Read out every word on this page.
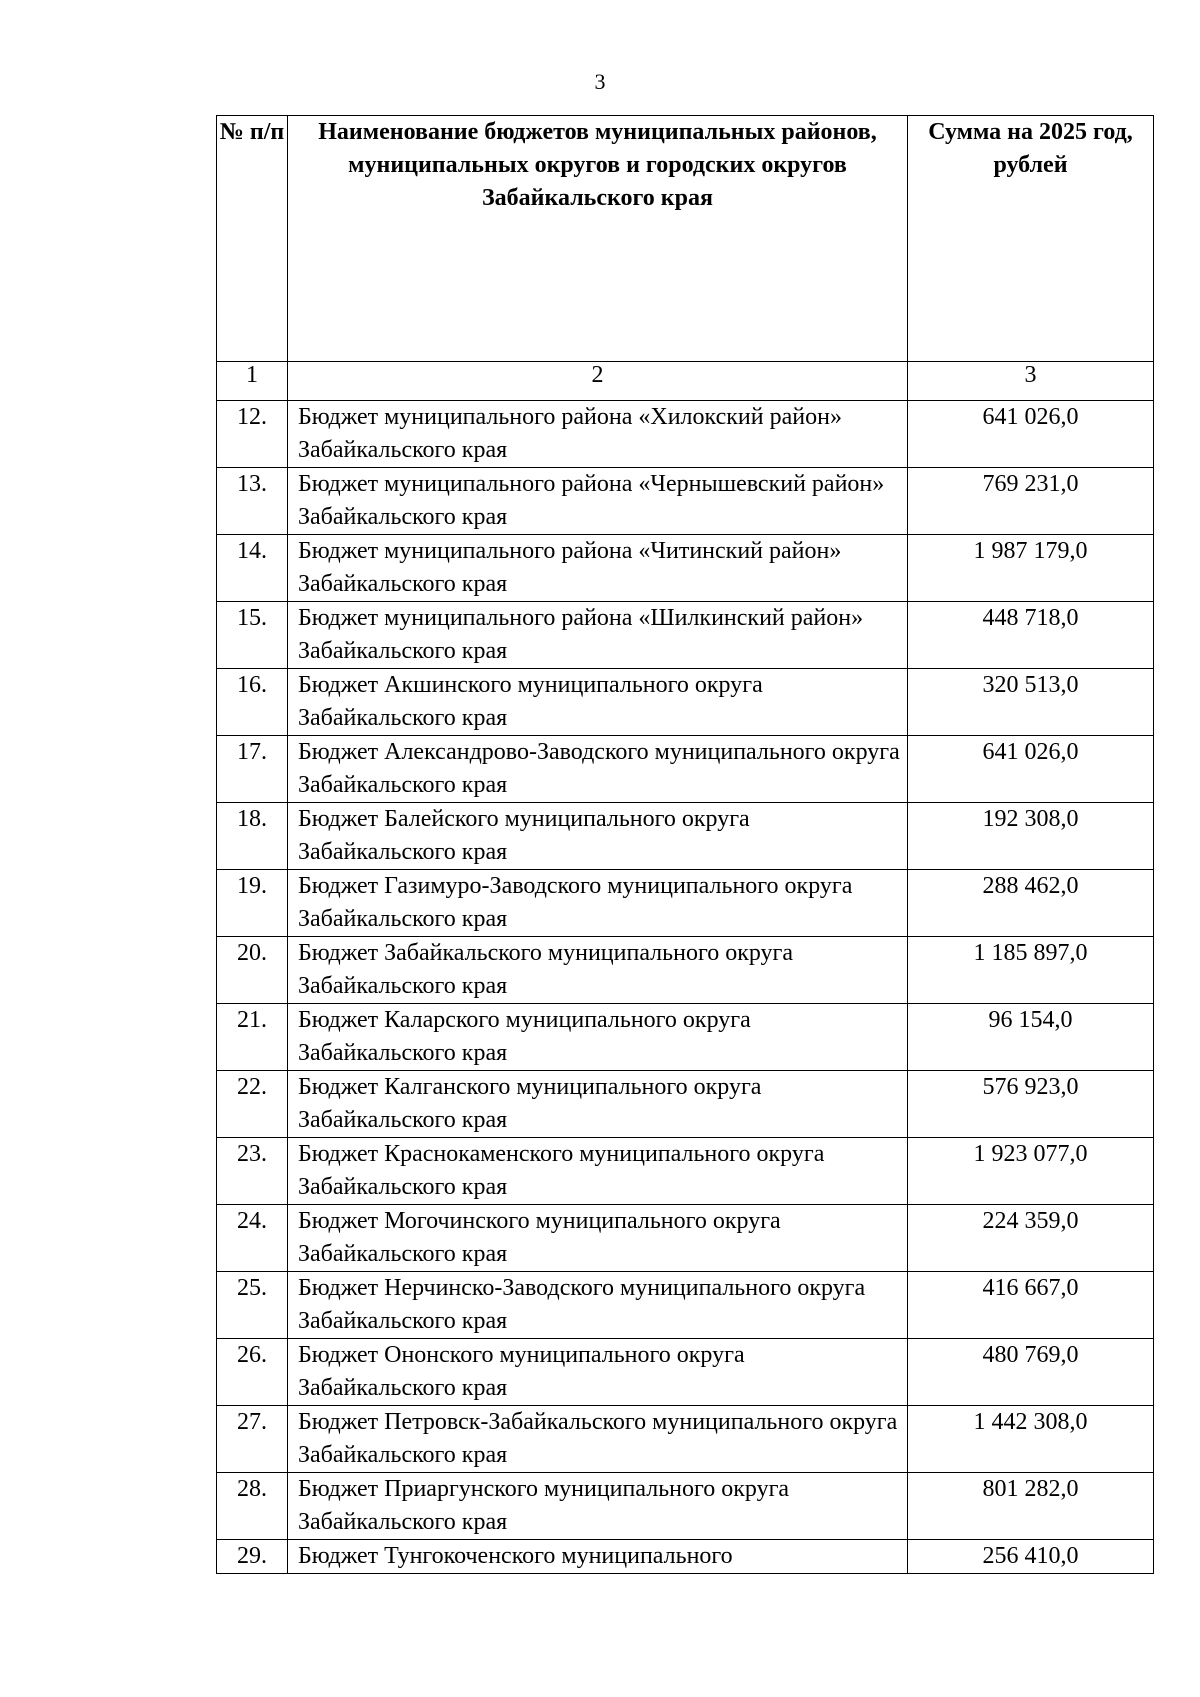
3
№ п/п	Наименование бюджетов муниципальных районов, муниципальных округов и городских округов Забайкальского края	Сумма на 2025 год, рублей
1	2	3
12.	Бюджет муниципального района «Хилокский район» Забайкальского края	641 026,0
13.	Бюджет муниципального района «Чернышевский район» Забайкальского края	769 231,0
14.	Бюджет муниципального района «Читинский район» Забайкальского края	1 987 179,0
15.	Бюджет муниципального района «Шилкинский район» Забайкальского края	448 718,0
16.	Бюджет Акшинского муниципального округа Забайкальского края	320 513,0
17.	Бюджет Александрово-Заводского муниципального округа Забайкальского края	641 026,0
18.	Бюджет Балейского муниципального округа Забайкальского края	192 308,0
19.	Бюджет Газимуро-Заводского муниципального округа Забайкальского края	288 462,0
20.	Бюджет Забайкальского муниципального округа Забайкальского края	1 185 897,0
21.	Бюджет Каларского муниципального округа Забайкальского края	96 154,0
22.	Бюджет Калганского муниципального округа Забайкальского края	576 923,0
23.	Бюджет Краснокаменского муниципального округа Забайкальского края	1 923 077,0
24.	Бюджет Могочинского муниципального округа Забайкальского края	224 359,0
25.	Бюджет Нерчинско-Заводского муниципального округа Забайкальского края	416 667,0
26.	Бюджет Ононского муниципального округа Забайкальского края	480 769,0
27.	Бюджет Петровск-Забайкальского муниципального округа Забайкальского края	1 442 308,0
28.	Бюджет Приаргунского муниципального округа Забайкальского края	801 282,0
29.	Бюджет Тунгокоченского муниципального	256 410,0
